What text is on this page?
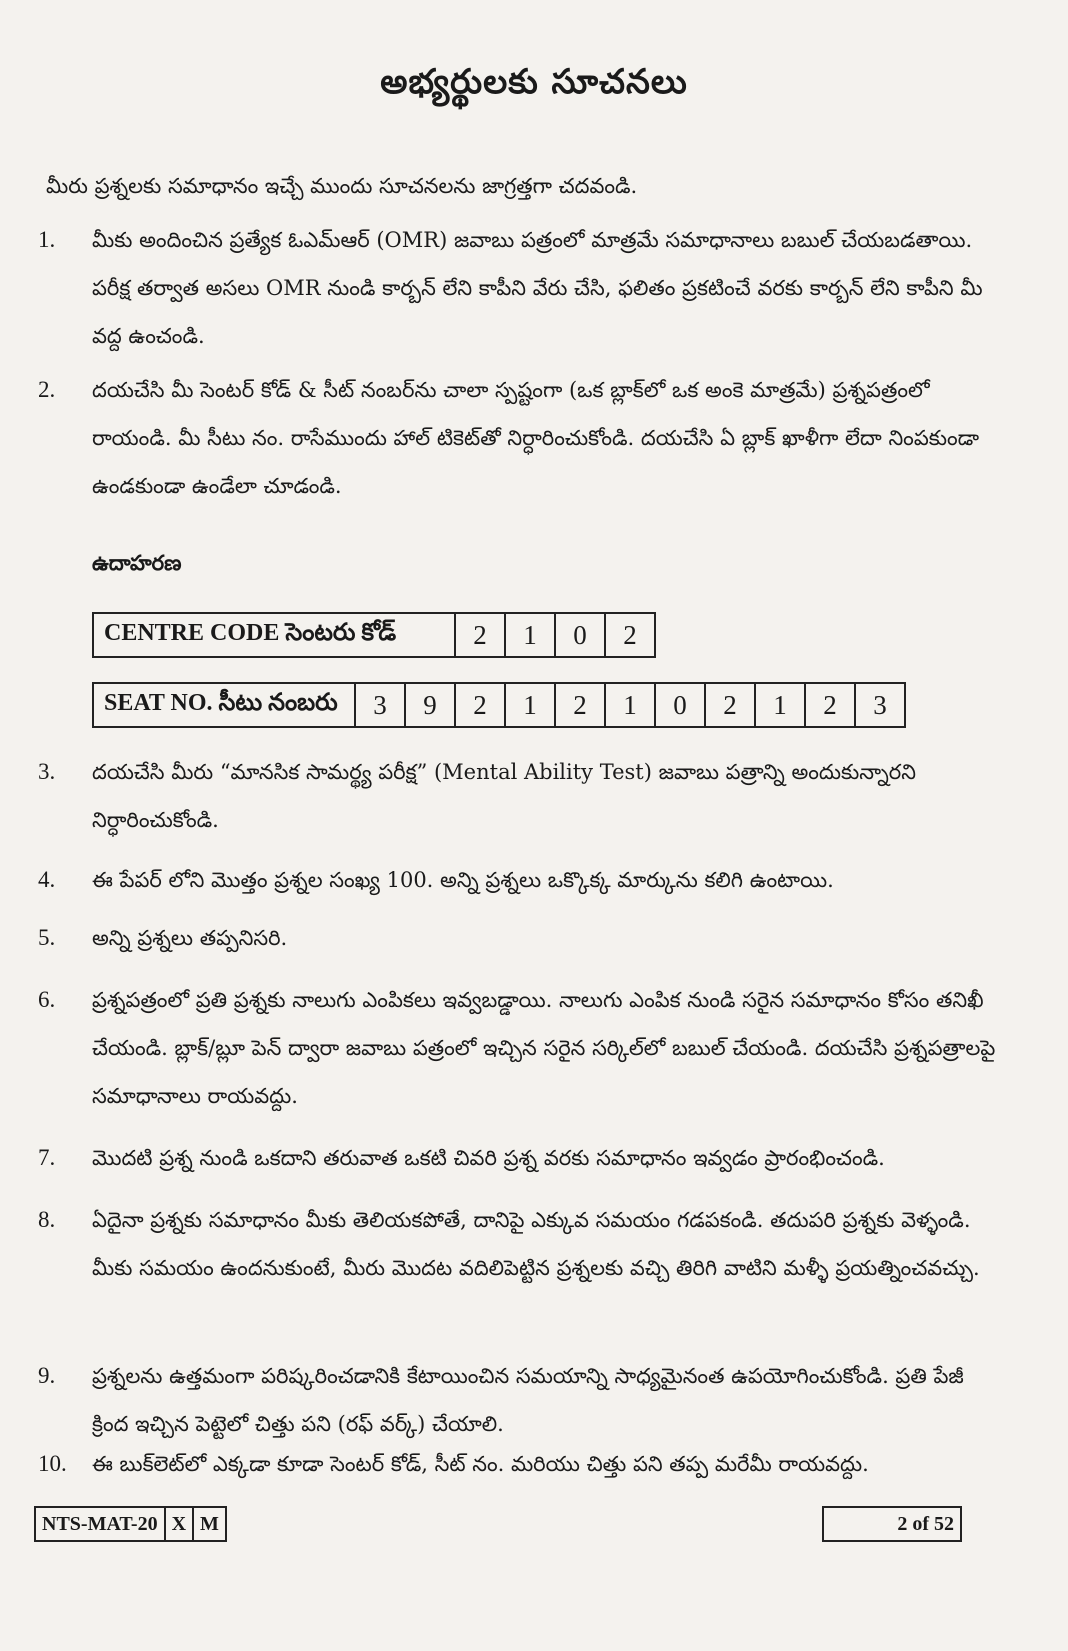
అభ్యర్థులకు సూచనలు
మీరు ప్రశ్నలకు సమాధానం ఇచ్చే ముందు సూచనలను జాగ్రత్తగా చదవండి.
1.	మీకు అందించిన ప్రత్యేక ఓఎమ్ఆర్ (OMR) జవాబు పత్రంలో మాత్రమే సమాధానాలు బబుల్ చేయబడతాయి. పరీక్ష తర్వాత అసలు OMR నుండి కార్బన్ లేని కాపీని వేరు చేసి, ఫలితం ప్రకటించే వరకు కార్బన్ లేని కాపీని మీ వద్ద ఉంచండి.
2.	దయచేసి మీ సెంటర్ కోడ్ & సీట్ నంబర్‌ను చాలా స్పష్టంగా (ఒక బ్లాక్‌లో ఒక అంకె మాత్రమే) ప్రశ్నపత్రంలో రాయండి. మీ సీటు నం. రాసేముందు హాల్ టికెట్‌తో నిర్ధారించుకోండి. దయచేసి ఏ బ్లాక్ ఖాళీగా లేదా నింపకుండా ఉండకుండా ఉండేలా చూడండి.
ఉదాహరణ
CENTRE CODE సెంటరు కోడ్	2	1	0	2
SEAT NO. సీటు నంబరు	3	9	2	1	2	1	0	2	1	2	3
3.	దయచేసి మీరు “మానసిక సామర్థ్య పరీక్ష” (Mental Ability Test) జవాబు పత్రాన్ని అందుకున్నారని నిర్ధారించుకోండి.
4.	ఈ పేపర్ లోని మొత్తం ప్రశ్నల సంఖ్య 100. అన్ని ప్రశ్నలు ఒక్కొక్క మార్కును కలిగి ఉంటాయి.
5.	అన్ని ప్రశ్నలు తప్పనిసరి.
6.	ప్రశ్నపత్రంలో ప్రతి ప్రశ్నకు నాలుగు ఎంపికలు ఇవ్వబడ్డాయి. నాలుగు ఎంపిక నుండి సరైన సమాధానం కోసం తనిఖీ చేయండి. బ్లాక్/బ్లూ పెన్ ద్వారా జవాబు పత్రంలో ఇచ్చిన సరైన సర్కిల్‌లో బబుల్ చేయండి. దయచేసి ప్రశ్నపత్రాలపై సమాధానాలు రాయవద్దు.
7.	మొదటి ప్రశ్న నుండి ఒకదాని తరువాత ఒకటి చివరి ప్రశ్న వరకు సమాధానం ఇవ్వడం ప్రారంభించండి.
8.	ఏదైనా ప్రశ్నకు సమాధానం మీకు తెలియకపోతే, దానిపై ఎక్కువ సమయం గడపకండి. తదుపరి ప్రశ్నకు వెళ్ళండి. మీకు సమయం ఉందనుకుంటే, మీరు మొదట వదిలిపెట్టిన ప్రశ్నలకు వచ్చి తిరిగి వాటిని మళ్ళీ ప్రయత్నించవచ్చు.
9.	ప్రశ్నలను ఉత్తమంగా పరిష్కరించడానికి కేటాయించిన సమయాన్ని సాధ్యమైనంత ఉపయోగించుకోండి. ప్రతి పేజీ క్రింద ఇచ్చిన పెట్టెలో చిత్తు పని (రఫ్ వర్క్) చేయాలి.
10.	ఈ బుక్‌లెట్‌లో ఎక్కడా కూడా సెంటర్ కోడ్, సీట్ నం. మరియు చిత్తు పని తప్ప మరేమీ రాయవద్దు.
NTS-MAT-20 X M	2 of 52
